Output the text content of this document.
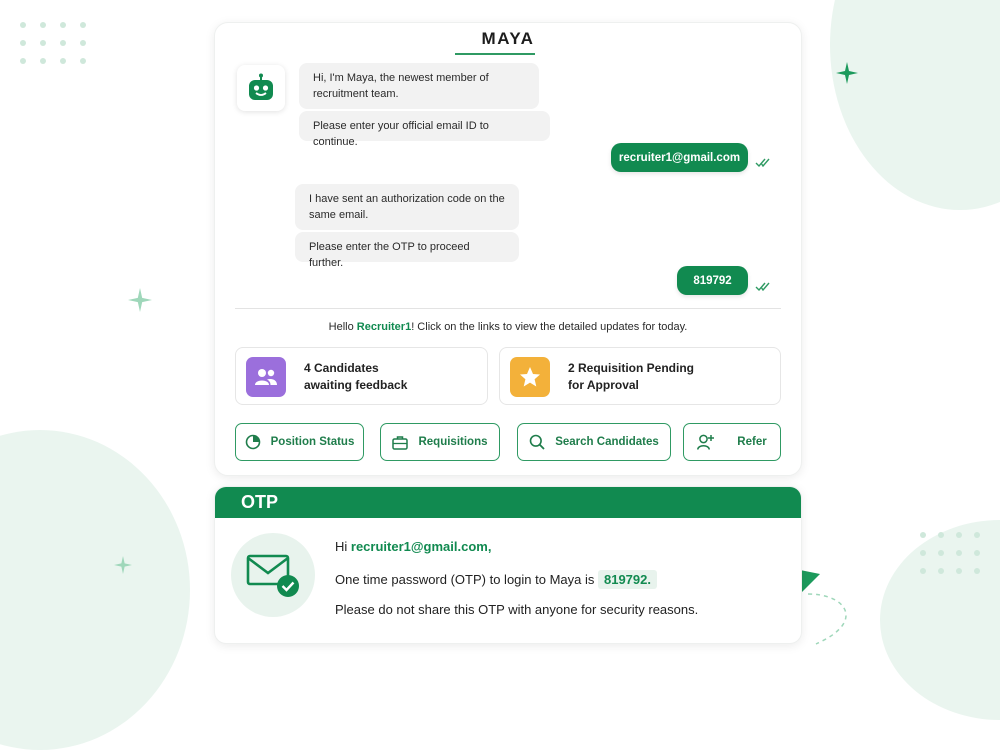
MAYA
Hi, I'm Maya, the newest member of recruitment team.
Please enter your official email ID to continue.
recruiter1@gmail.com
I have sent an authorization code on the same email.
Please enter the OTP to proceed further.
819792
Hello Recruiter1! Click on the links to view the detailed updates for today.
4 Candidates
awaiting feedback
2 Requisition Pending
for Approval
Position Status	Requisitions	Search Candidates	Refer
OTP
Hi recruiter1@gmail.com,
One time password (OTP) to login to Maya is 819792.
Please do not share this OTP with anyone for security reasons.
